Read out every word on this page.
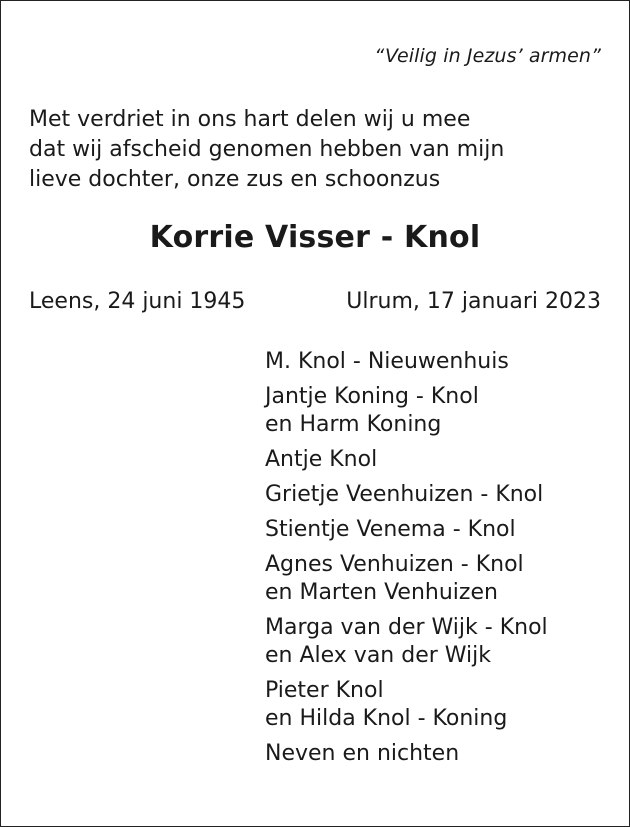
“Veilig in Jezus’ armen”
Met verdriet in ons hart delen wij u mee
dat wij afscheid genomen hebben van mijn
lieve dochter, onze zus en schoonzus
Korrie Visser - Knol
Leens, 24 juni 1945	Ulrum, 17 januari 2023
M. Knol - Nieuwenhuis
Jantje Koning - Knol
en Harm Koning
Antje Knol
Grietje Veenhuizen - Knol
Stientje Venema - Knol
Agnes Venhuizen - Knol
en Marten Venhuizen
Marga van der Wijk - Knol
en Alex van der Wijk
Pieter Knol
en Hilda Knol - Koning
Neven en nichten
